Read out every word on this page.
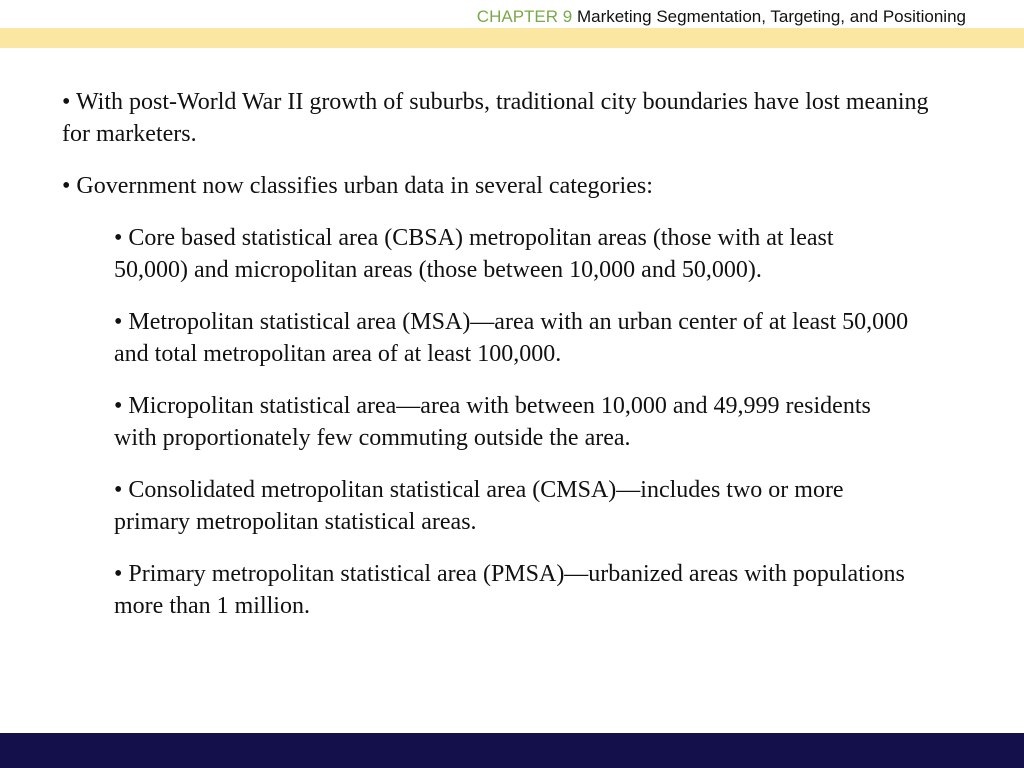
CHAPTER 9 Marketing Segmentation, Targeting, and Positioning

• With post-World War II growth of suburbs, traditional city boundaries have lost meaning for marketers.

• Government now classifies urban data in several categories:

• Core based statistical area (CBSA) metropolitan areas (those with at least 50,000) and micropolitan areas (those between 10,000 and 50,000).

• Metropolitan statistical area (MSA)—area with an urban center of at least 50,000 and total metropolitan area of at least 100,000.

• Micropolitan statistical area—area with between 10,000 and 49,999 residents with proportionately few commuting outside the area.

• Consolidated metropolitan statistical area (CMSA)—includes two or more primary metropolitan statistical areas.

• Primary metropolitan statistical area (PMSA)—urbanized areas with populations more than 1 million.
